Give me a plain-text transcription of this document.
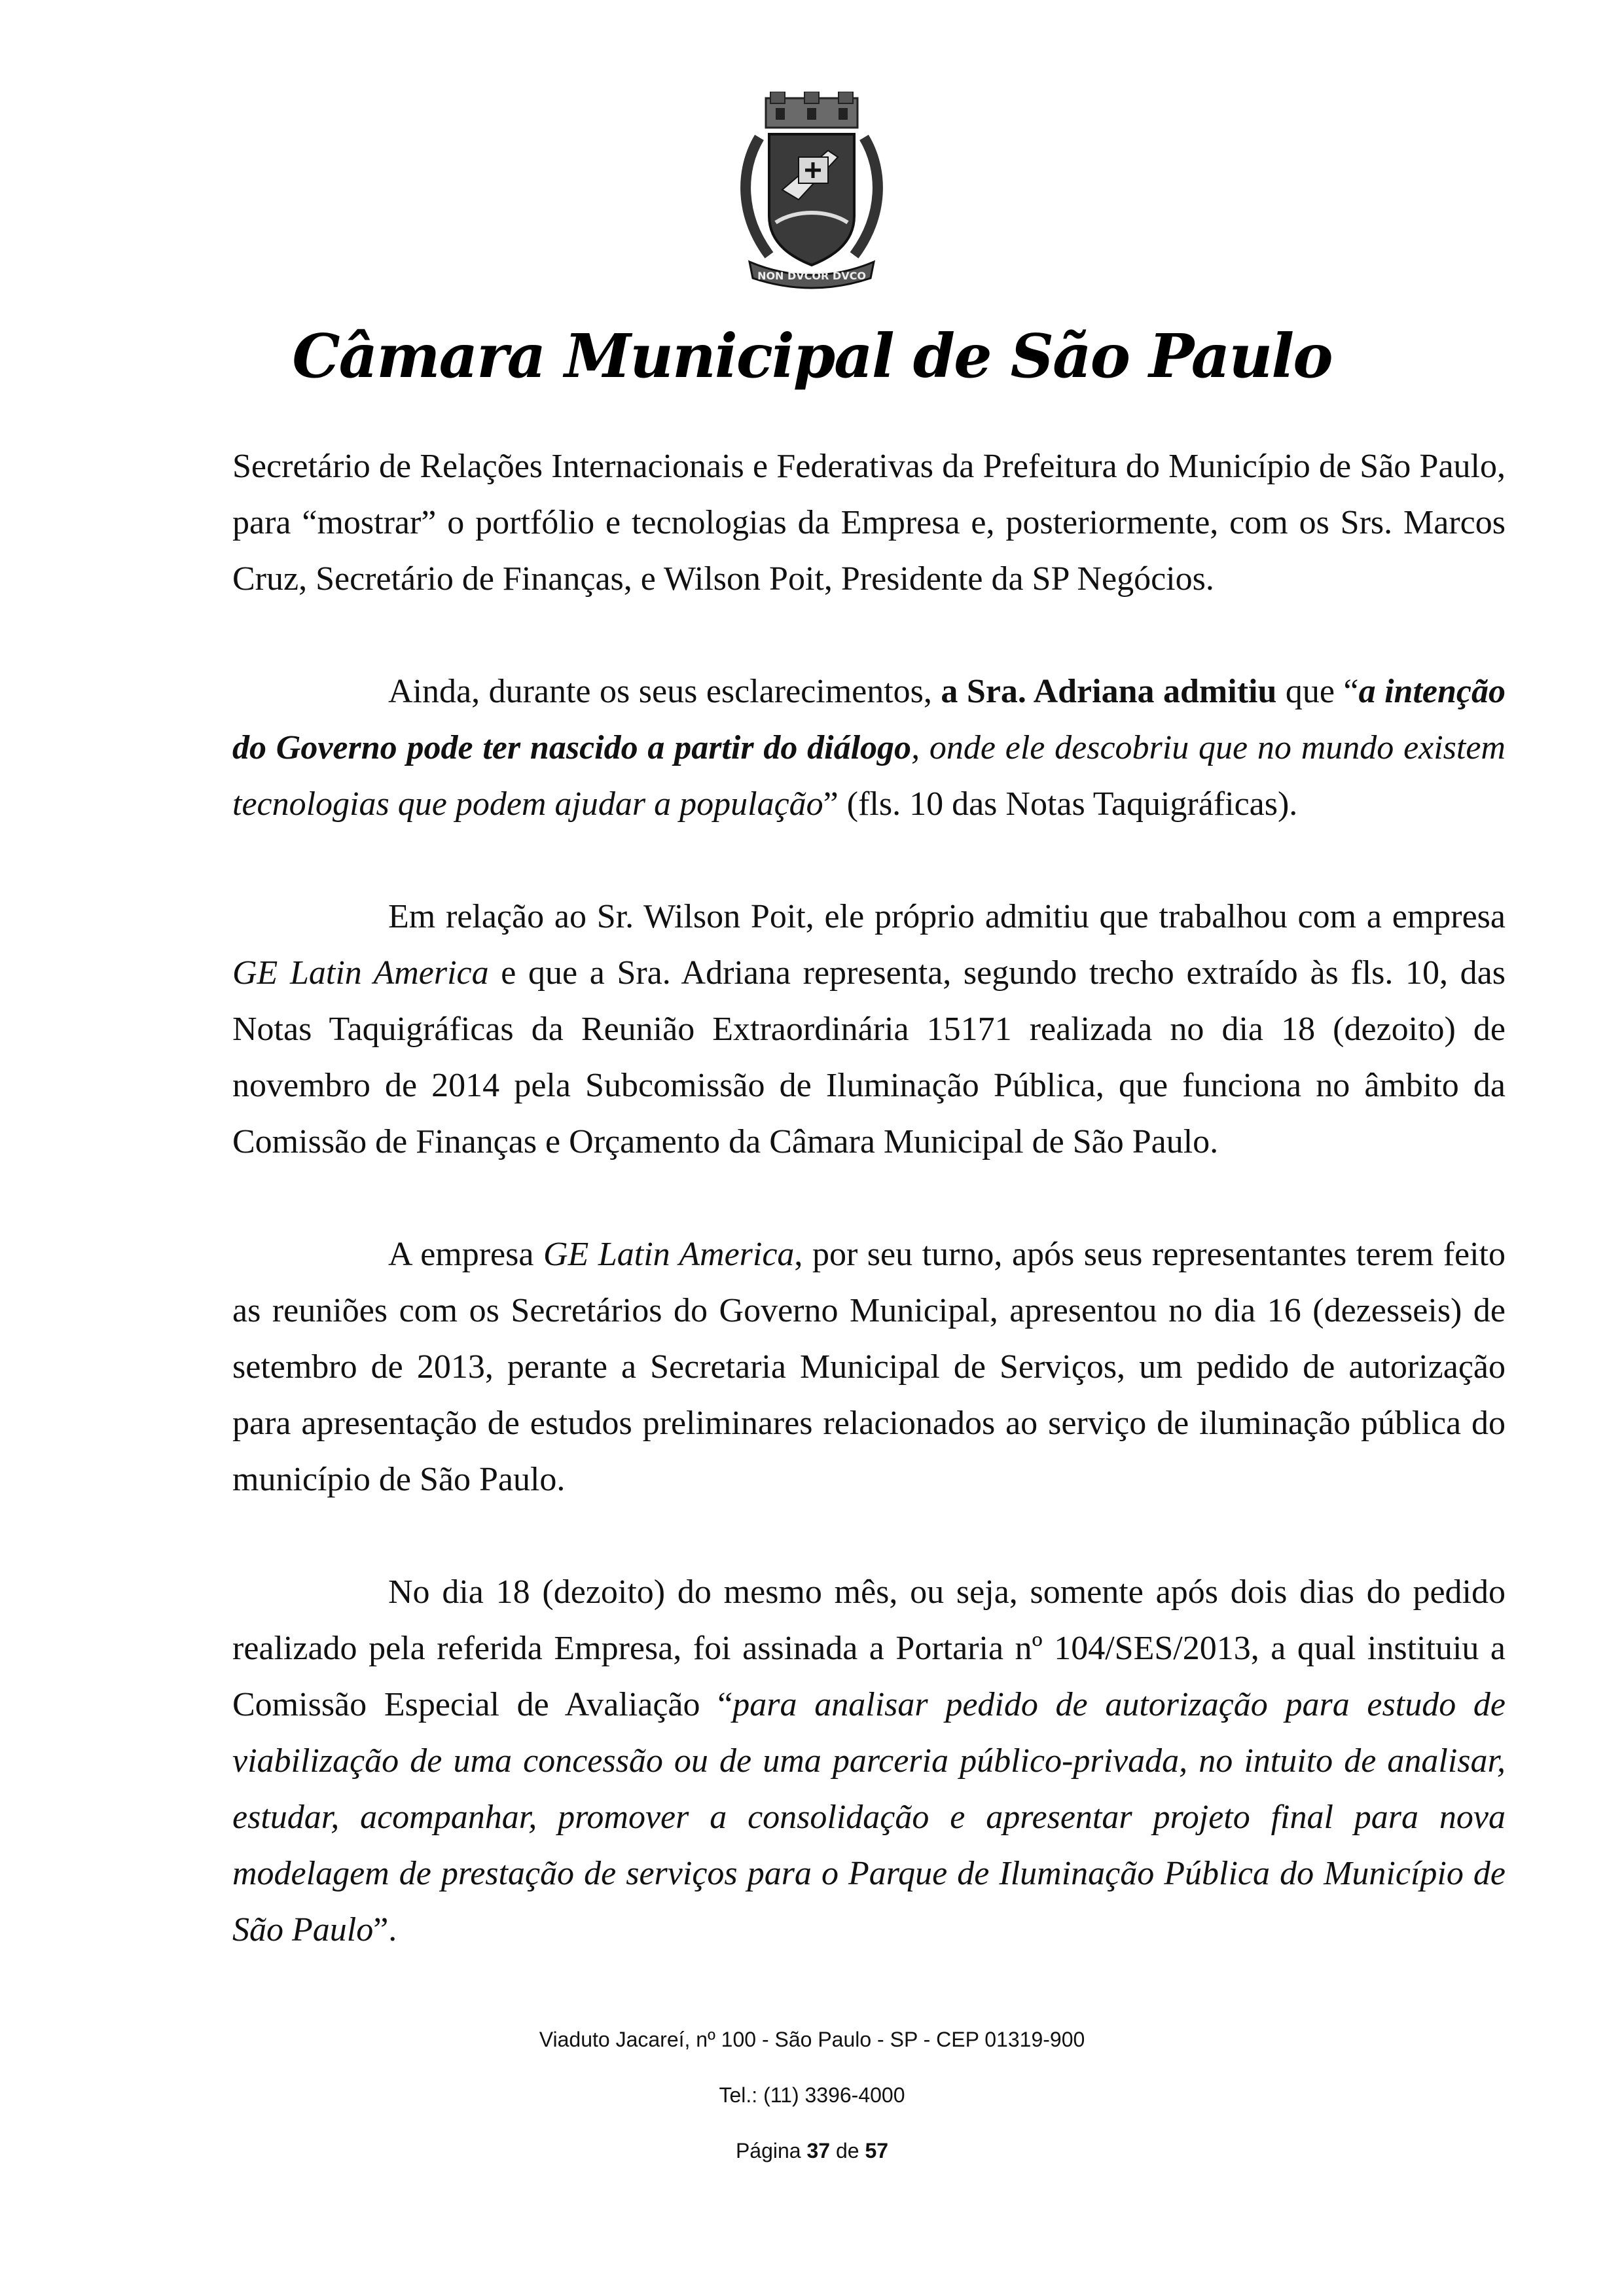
NON DVCOR DVCO
Câmara Municipal de São Paulo

Secretário de Relações Internacionais e Federativas da Prefeitura do Município de São Paulo, para “mostrar” o portfólio e tecnologias da Empresa e, posteriormente, com os Srs. Marcos Cruz, Secretário de Finanças, e Wilson Poit, Presidente da SP Negócios.

Ainda, durante os seus esclarecimentos, a Sra. Adriana admitiu que “a intenção do Governo pode ter nascido a partir do diálogo, onde ele descobriu que no mundo existem tecnologias que podem ajudar a população” (fls. 10 das Notas Taquigráficas).

Em relação ao Sr. Wilson Poit, ele próprio admitiu que trabalhou com a empresa GE Latin America e que a Sra. Adriana representa, segundo trecho extraído às fls. 10, das Notas Taquigráficas da Reunião Extraordinária 15171 realizada no dia 18 (dezoito) de novembro de 2014 pela Subcomissão de Iluminação Pública, que funciona no âmbito da Comissão de Finanças e Orçamento da Câmara Municipal de São Paulo.

A empresa GE Latin America, por seu turno, após seus representantes terem feito as reuniões com os Secretários do Governo Municipal, apresentou no dia 16 (dezesseis) de setembro de 2013, perante a Secretaria Municipal de Serviços, um pedido de autorização para apresentação de estudos preliminares relacionados ao serviço de iluminação pública do município de São Paulo.

No dia 18 (dezoito) do mesmo mês, ou seja, somente após dois dias do pedido realizado pela referida Empresa, foi assinada a Portaria nº 104/SES/2013, a qual instituiu a Comissão Especial de Avaliação “para analisar pedido de autorização para estudo de viabilização de uma concessão ou de uma parceria público-privada, no intuito de analisar, estudar, acompanhar, promover a consolidação e apresentar projeto final para nova modelagem de prestação de serviços para o Parque de Iluminação Pública do Município de São Paulo”.

Viaduto Jacareí, nº 100 - São Paulo - SP - CEP 01319-900
Tel.: (11) 3396-4000
Página 37 de 57
